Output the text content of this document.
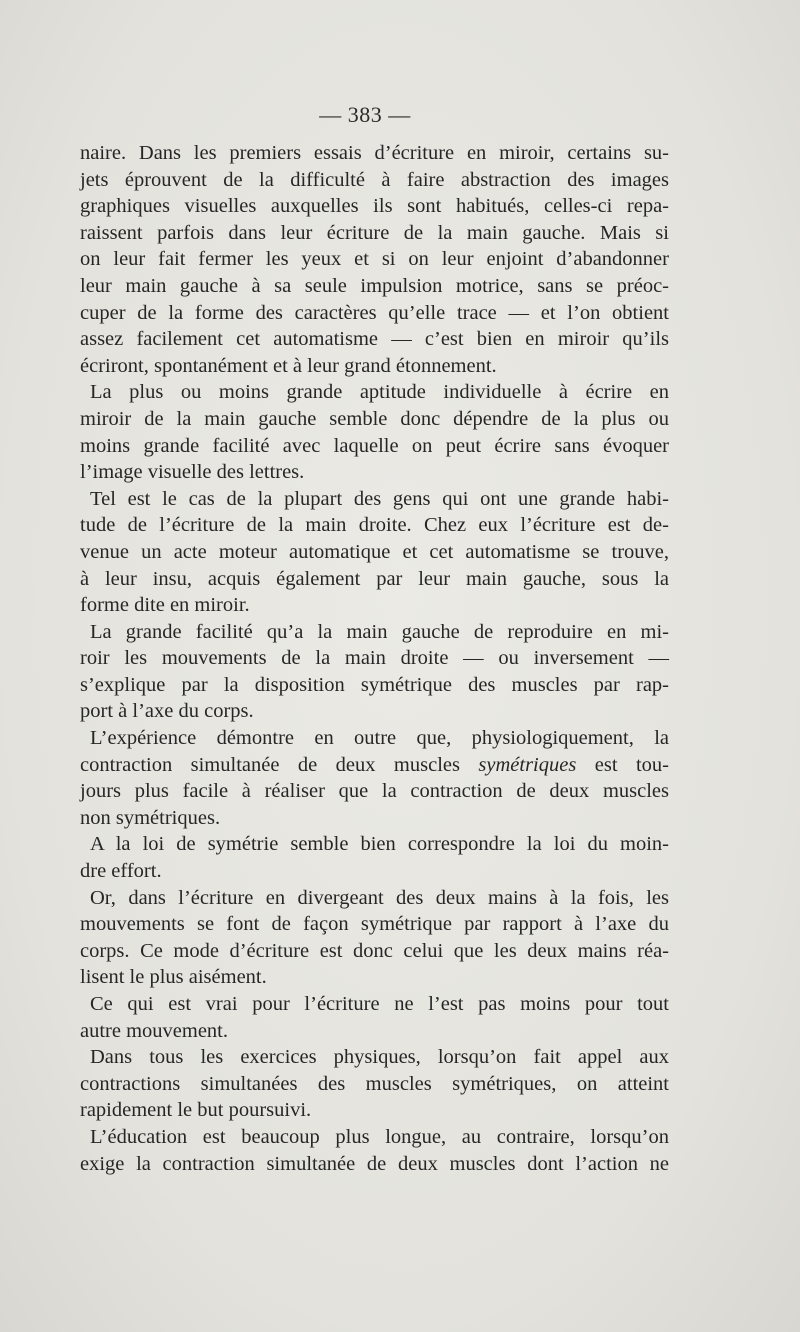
— 383 —
naire. Dans les premiers essais d’écriture en miroir, certains su-
jets éprouvent de la difficulté à faire abstraction des images
graphiques visuelles auxquelles ils sont habitués, celles-ci repa-
raissent parfois dans leur écriture de la main gauche. Mais si
on leur fait fermer les yeux et si on leur enjoint d’abandonner
leur main gauche à sa seule impulsion motrice, sans se préoc-
cuper de la forme des caractères qu’elle trace — et l’on obtient
assez facilement cet automatisme — c’est bien en miroir qu’ils
écriront, spontanément et à leur grand étonnement.
La plus ou moins grande aptitude individuelle à écrire en
miroir de la main gauche semble donc dépendre de la plus ou
moins grande facilité avec laquelle on peut écrire sans évoquer
l’image visuelle des lettres.
Tel est le cas de la plupart des gens qui ont une grande habi-
tude de l’écriture de la main droite. Chez eux l’écriture est de-
venue un acte moteur automatique et cet automatisme se trouve,
à leur insu, acquis également par leur main gauche, sous la
forme dite en miroir.
La grande facilité qu’a la main gauche de reproduire en mi-
roir les mouvements de la main droite — ou inversement —
s’explique par la disposition symétrique des muscles par rap-
port à l’axe du corps.
L’expérience démontre en outre que, physiologiquement, la
contraction simultanée de deux muscles symétriques est tou-
jours plus facile à réaliser que la contraction de deux muscles
non symétriques.
A la loi de symétrie semble bien correspondre la loi du moin-
dre effort.
Or, dans l’écriture en divergeant des deux mains à la fois, les
mouvements se font de façon symétrique par rapport à l’axe du
corps. Ce mode d’écriture est donc celui que les deux mains réa-
lisent le plus aisément.
Ce qui est vrai pour l’écriture ne l’est pas moins pour tout
autre mouvement.
Dans tous les exercices physiques, lorsqu’on fait appel aux
contractions simultanées des muscles symétriques, on atteint
rapidement le but poursuivi.
L’éducation est beaucoup plus longue, au contraire, lorsqu’on
exige la contraction simultanée de deux muscles dont l’action ne
